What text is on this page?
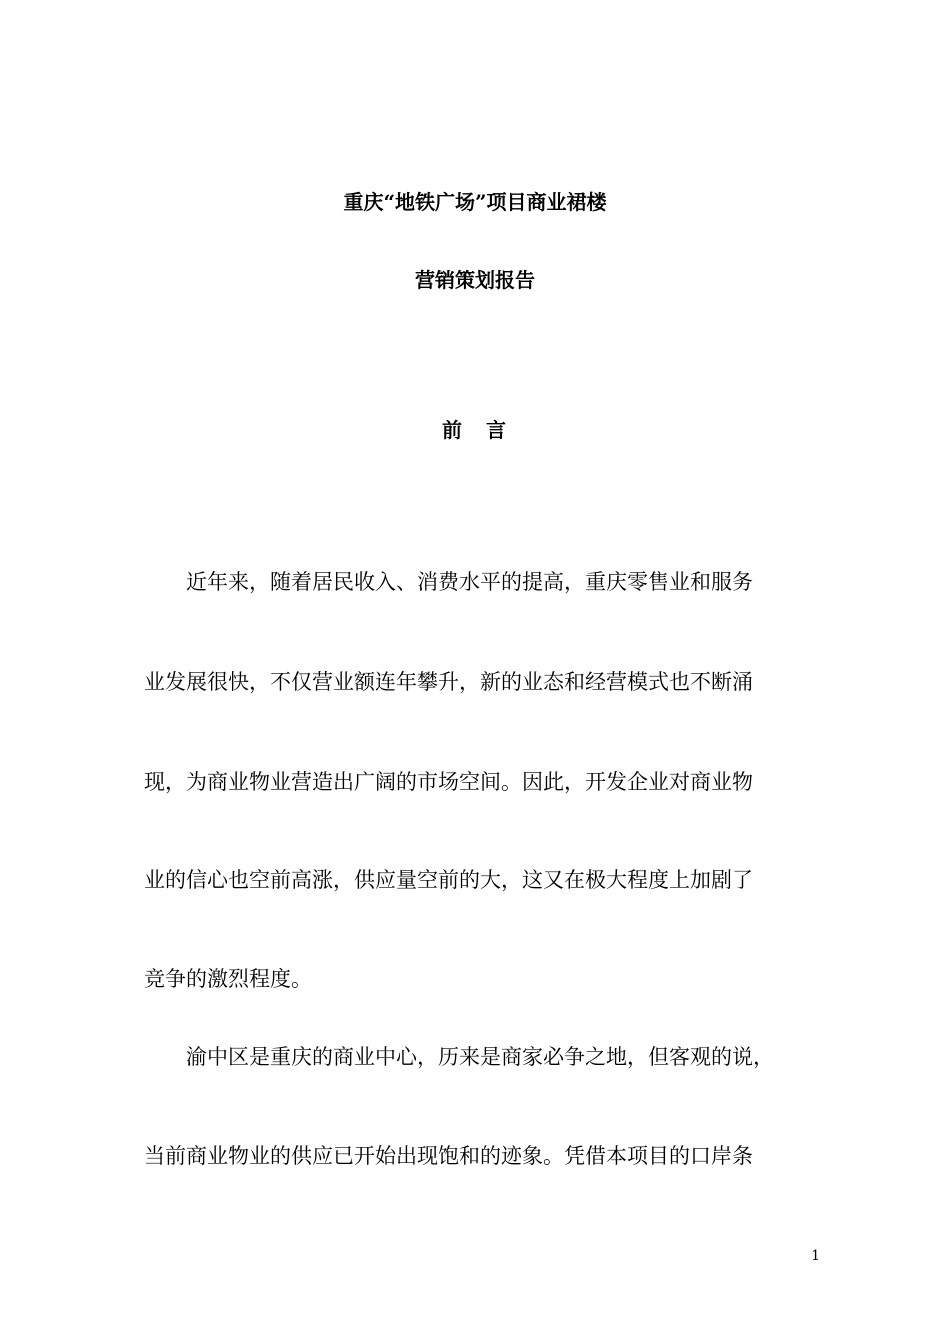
重庆“地铁广场”项目商业裙楼
营销策划报告
前　言
　　近年来，随着居民收入、消费水平的提高，重庆零售业和服务
业发展很快，不仅营业额连年攀升，新的业态和经营模式也不断涌
现，为商业物业营造出广阔的市场空间。因此，开发企业对商业物
业的信心也空前高涨，供应量空前的大，这又在极大程度上加剧了
竞争的激烈程度。
　　渝中区是重庆的商业中心，历来是商家必争之地，但客观的说，
当前商业物业的供应已开始出现饱和的迹象。凭借本项目的口岸条
1
